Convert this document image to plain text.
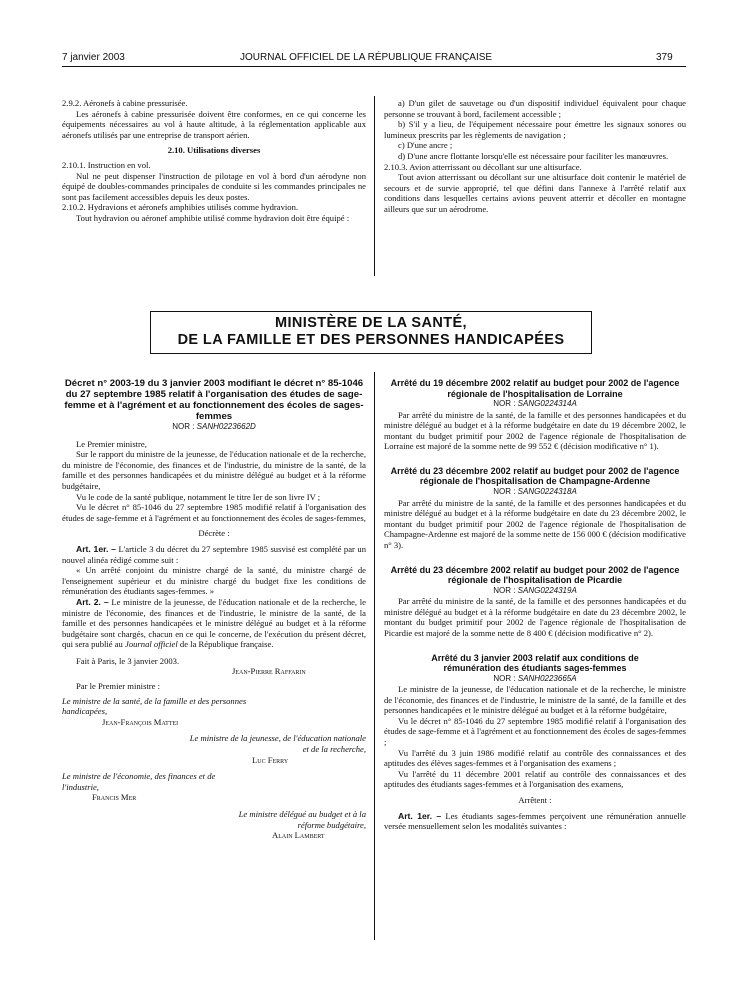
7 janvier 2003	JOURNAL OFFICIEL DE LA RÉPUBLIQUE FRANÇAISE	379

2.9.2. Aéronefs à cabine pressurisée.

Les aéronefs à cabine pressurisée doivent être conformes, en ce qui concerne les équipements nécessaires au vol à haute altitude, à la réglementation applicable aux aéronefs utilisés par une entreprise de transport aérien.

2.10. Utilisations diverses

2.10.1. Instruction en vol.

Nul ne peut dispenser l'instruction de pilotage en vol à bord d'un aérodyne non équipé de doubles-commandes principales de conduite si les commandes principales ne sont pas facilement accessibles depuis les deux postes.

2.10.2. Hydravions et aéronefs amphibies utilisés comme hydravion.

Tout hydravion ou aéronef amphibie utilisé comme hydravion doit être équipé :

a) D'un gilet de sauvetage ou d'un dispositif individuel équivalent pour chaque personne se trouvant à bord, facilement accessible ;

b) S'il y a lieu, de l'équipement nécessaire pour émettre les signaux sonores ou lumineux prescrits par les règlements de navigation ;

c) D'une ancre ;

d) D'une ancre flottante lorsqu'elle est nécessaire pour faciliter les manœuvres.

2.10.3. Avion atterrissant ou décollant sur une altisurface.

Tout avion atterrissant ou décollant sur une altisurface doit contenir le matériel de secours et de survie approprié, tel que défini dans l'annexe à l'arrêté relatif aux conditions dans lesquelles certains avions peuvent atterrir et décoller en montagne ailleurs que sur un aérodrome.

MINISTÈRE DE LA SANTÉ,
DE LA FAMILLE ET DES PERSONNES HANDICAPÉES

Décret n° 2003-19 du 3 janvier 2003 modifiant le décret n° 85-1046 du 27 septembre 1985 relatif à l'organisation des études de sage-femme et à l'agrément et au fonctionnement des écoles de sages-femmes

NOR : SANH0223662D

Le Premier ministre,

Sur le rapport du ministre de la jeunesse, de l'éducation nationale et de la recherche, du ministre de l'économie, des finances et de l'industrie, du ministre de la santé, de la famille et des personnes handicapées et du ministre délégué au budget et à la réforme budgétaire,

Vu le code de la santé publique, notamment le titre Ier de son livre IV ;

Vu le décret n° 85-1046 du 27 septembre 1985 modifié relatif à l'organisation des études de sage-femme et à l'agrément et au fonctionnement des écoles de sages-femmes,

Décrète :

Art. 1er. – L'article 3 du décret du 27 septembre 1985 susvisé est complété par un nouvel alinéa rédigé comme suit :

« Un arrêté conjoint du ministre chargé de la santé, du ministre chargé de l'enseignement supérieur et du ministre chargé du budget fixe les conditions de rémunération des étudiants sages-femmes. »

Art. 2. – Le ministre de la jeunesse, de l'éducation nationale et de la recherche, le ministre de l'économie, des finances et de l'industrie, le ministre de la santé, de la famille et des personnes handicapées et le ministre délégué au budget et à la réforme budgétaire sont chargés, chacun en ce qui le concerne, de l'exécution du présent décret, qui sera publié au Journal officiel de la République française.

Fait à Paris, le 3 janvier 2003.

Jean-Pierre Raffarin

Par le Premier ministre :

Le ministre de la santé, de la famille et des personnes handicapées,

Jean-François Mattei

Le ministre de la jeunesse, de l'éducation nationale et de la recherche,

Luc Ferry

Le ministre de l'économie, des finances et de l'industrie,

Francis Mer

Le ministre délégué au budget et à la réforme budgétaire,

Alain Lambert

Arrêté du 19 décembre 2002 relatif au budget pour 2002 de l'agence régionale de l'hospitalisation de Lorraine

NOR : SANG0224314A

Par arrêté du ministre de la santé, de la famille et des personnes handicapées et du ministre délégué au budget et à la réforme budgétaire en date du 19 décembre 2002, le montant du budget primitif pour 2002 de l'agence régionale de l'hospitalisation de Lorraine est majoré de la somme nette de 99 552 € (décision modificative n° 1).

Arrêté du 23 décembre 2002 relatif au budget pour 2002 de l'agence régionale de l'hospitalisation de Champagne-Ardenne

NOR : SANG0224318A

Par arrêté du ministre de la santé, de la famille et des personnes handicapées et du ministre délégué au budget et à la réforme budgétaire en date du 23 décembre 2002, le montant du budget primitif pour 2002 de l'agence régionale de l'hospitalisation de Champagne-Ardenne est majoré de la somme nette de 156 000 € (décision modificative n° 3).

Arrêté du 23 décembre 2002 relatif au budget pour 2002 de l'agence régionale de l'hospitalisation de Picardie

NOR : SANG0224319A

Par arrêté du ministre de la santé, de la famille et des personnes handicapées et du ministre délégué au budget et à la réforme budgétaire en date du 23 décembre 2002, le montant du budget primitif pour 2002 de l'agence régionale de l'hospitalisation de Picardie est majoré de la somme nette de 8 400 € (décision modificative n° 2).

Arrêté du 3 janvier 2003 relatif aux conditions de rémunération des étudiants sages-femmes

NOR : SANH0223665A

Le ministre de la jeunesse, de l'éducation nationale et de la recherche, le ministre de l'économie, des finances et de l'industrie, le ministre de la santé, de la famille et des personnes handicapées et le ministre délégué au budget et à la réforme budgétaire,

Vu le décret n° 85-1046 du 27 septembre 1985 modifié relatif à l'organisation des études de sage-femme et à l'agrément et au fonctionnement des écoles de sages-femmes ;

Vu l'arrêté du 3 juin 1986 modifié relatif au contrôle des connaissances et des aptitudes des élèves sages-femmes et à l'organisation des examens ;

Vu l'arrêté du 11 décembre 2001 relatif au contrôle des connaissances et des aptitudes des étudiants sages-femmes et à l'organisation des examens,

Arrêtent :

Art. 1er. – Les étudiants sages-femmes perçoivent une rémunération annuelle versée mensuellement selon les modalités suivantes :
